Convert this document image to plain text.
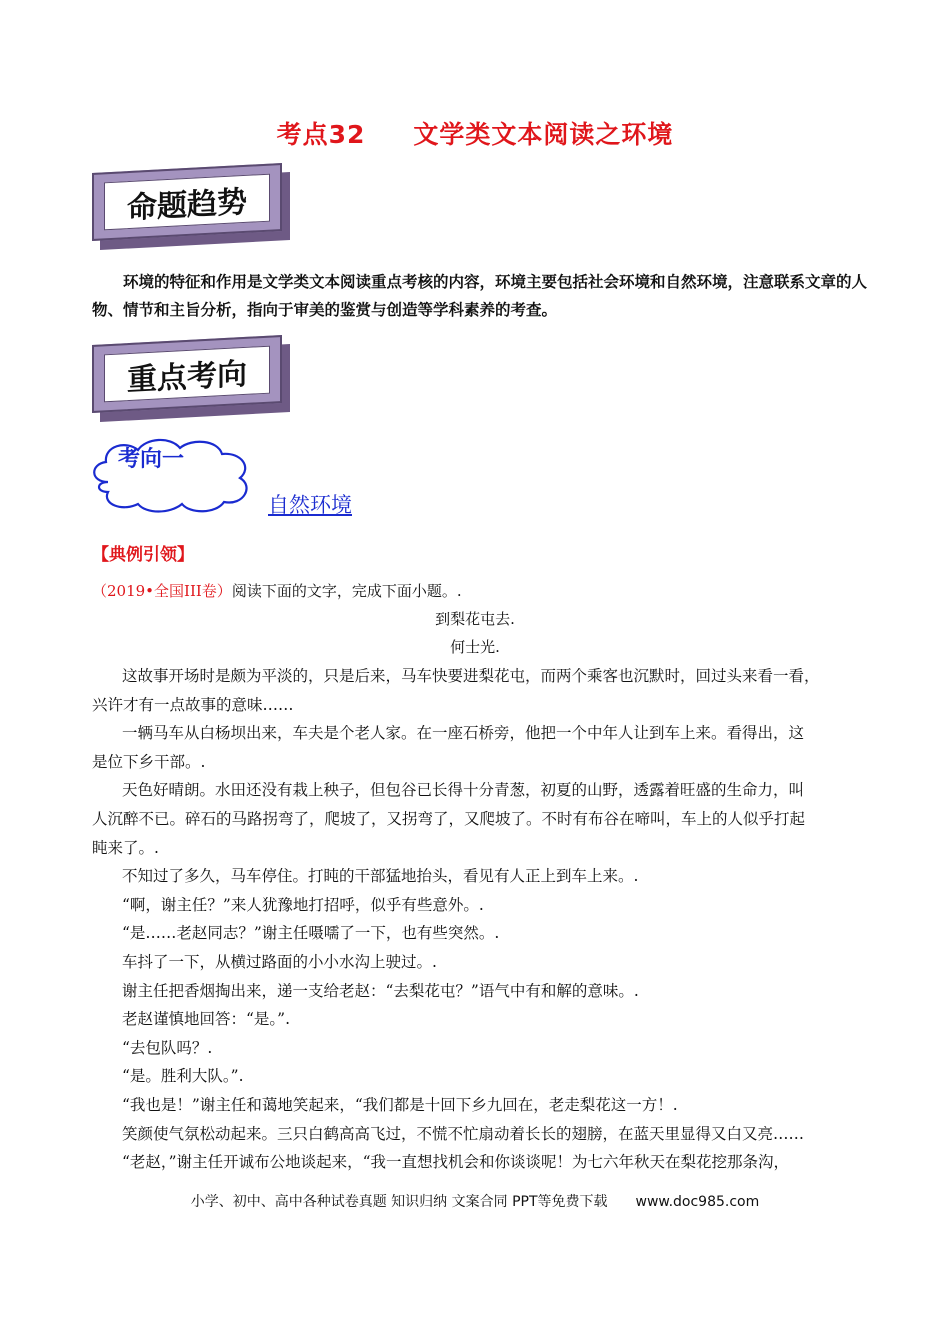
考点32 文学类文本阅读之环境
命题趋势
环境的特征和作用是文学类文本阅读重点考核的内容，环境主要包括社会环境和自然环境，注意联系文章的人物、情节和主旨分析，指向于审美的鉴赏与创造等学科素养的考查。
重点考向
考向一
自然环境
【典例引领】
（2019•全国III卷）阅读下面的文字，完成下面小题。.
到梨花屯去.
何士光.
这故事开场时是颇为平淡的，只是后来，马车快要进梨花屯，而两个乘客也沉默时，回过头来看一看，
兴许才有一点故事的意味……
一辆马车从白杨坝出来，车夫是个老人家。在一座石桥旁，他把一个中年人让到车上来。看得出，这
是位下乡干部。.
天色好晴朗。水田还没有栽上秧子，但包谷已长得十分青葱，初夏的山野，透露着旺盛的生命力，叫
人沉醉不已。碎石的马路拐弯了，爬坡了，又拐弯了，又爬坡了。不时有布谷在啼叫，车上的人似乎打起
盹来了。.
不知过了多久，马车停住。打盹的干部猛地抬头，看见有人正上到车上来。.
“啊，谢主任？”来人犹豫地打招呼，似乎有些意外。.
“是……老赵同志？”谢主任嗫嚅了一下，也有些突然。.
车抖了一下，从横过路面的小小水沟上驶过。.
谢主任把香烟掏出来，递一支给老赵：“去梨花屯？”语气中有和解的意味。.
老赵谨慎地回答：“是。”.
“去包队吗？.
“是。胜利大队。”.
“我也是！”谢主任和蔼地笑起来，“我们都是十回下乡九回在，老走梨花这一方！.
笑颜使气氛松动起来。三只白鹤高高飞过，不慌不忙扇动着长长的翅膀，在蓝天里显得又白又亮……
“老赵，”谢主任开诚布公地谈起来，“我一直想找机会和你谈谈呢！为七六年秋天在梨花挖那条沟，
小学、初中、高中各种试卷真题 知识归纳 文案合同 PPT等免费下载　　www.doc985.com
